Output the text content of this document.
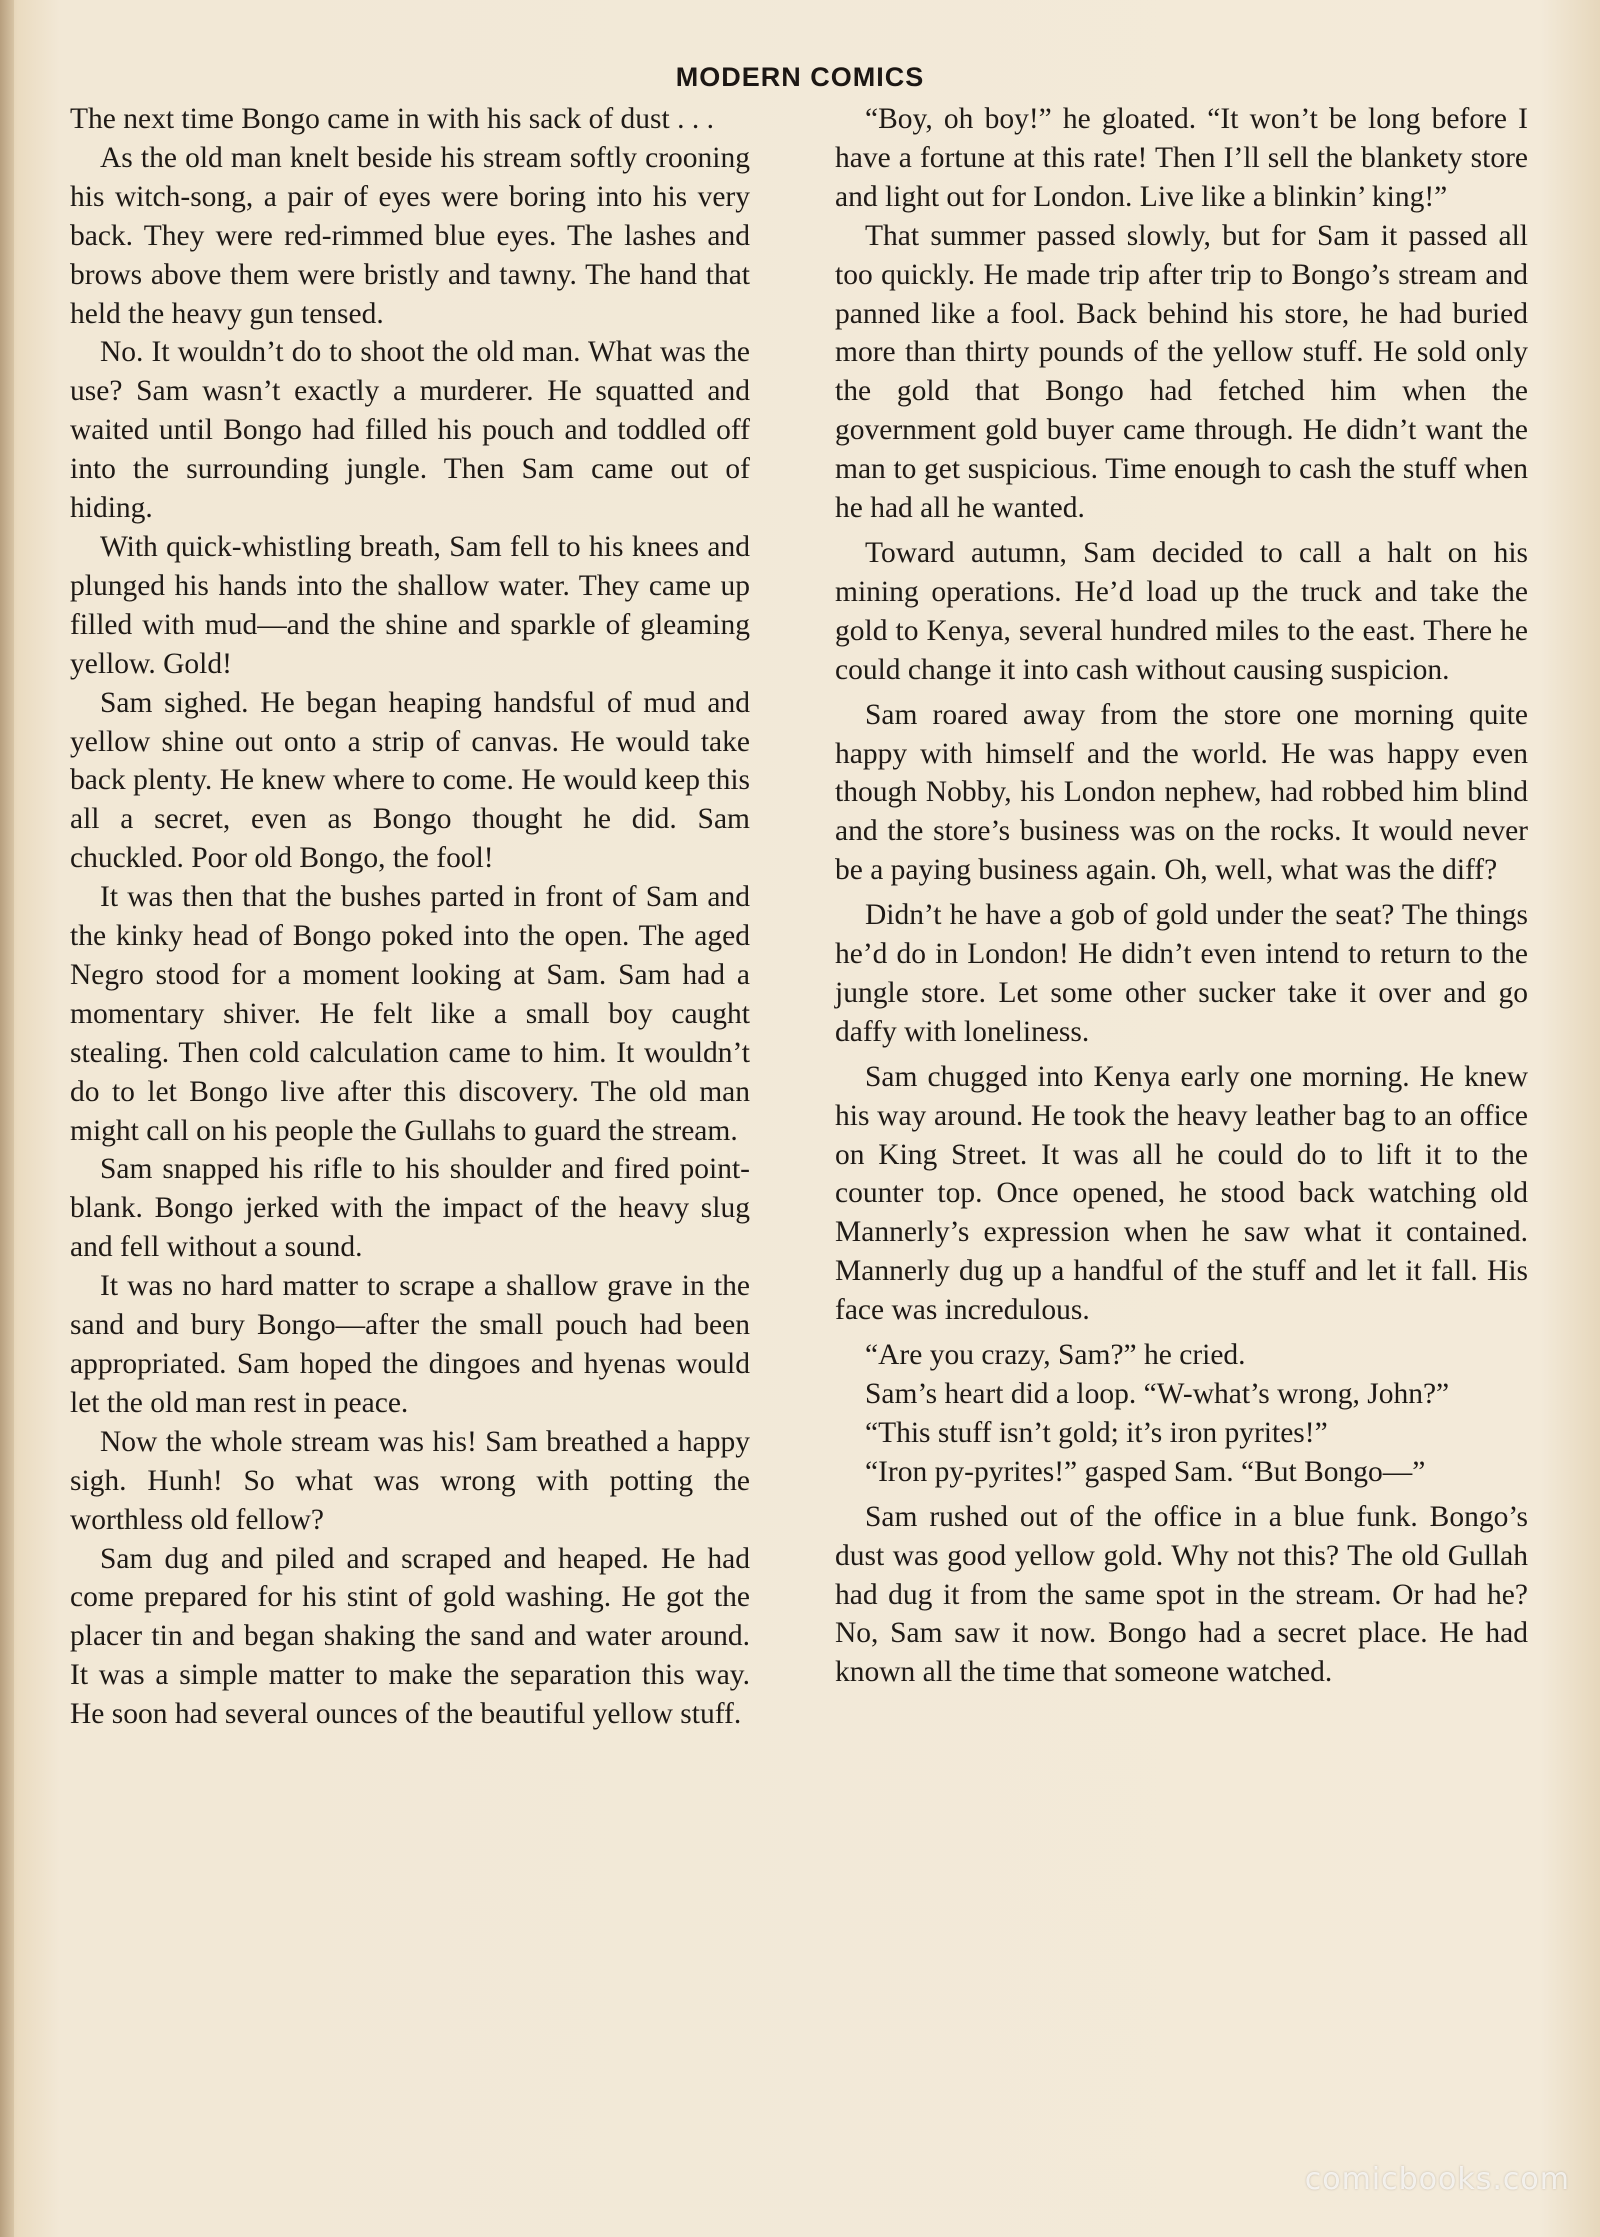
MODERN COMICS

The next time Bongo came in with his sack of dust . . .

As the old man knelt beside his stream softly crooning his witch-song, a pair of eyes were boring into his very back. They were red-rimmed blue eyes. The lashes and brows above them were bristly and tawny. The hand that held the heavy gun tensed.

No. It wouldn’t do to shoot the old man. What was the use? Sam wasn’t exactly a murderer. He squatted and waited until Bongo had filled his pouch and toddled off into the surrounding jungle. Then Sam came out of hiding.

With quick-whistling breath, Sam fell to his knees and plunged his hands into the shallow water. They came up filled with mud—and the shine and sparkle of gleaming yellow. Gold!

Sam sighed. He began heaping handsful of mud and yellow shine out onto a strip of canvas. He would take back plenty. He knew where to come. He would keep this all a secret, even as Bongo thought he did. Sam chuckled. Poor old Bongo, the fool!

It was then that the bushes parted in front of Sam and the kinky head of Bongo poked into the open. The aged Negro stood for a moment looking at Sam. Sam had a momentary shiver. He felt like a small boy caught stealing. Then cold calculation came to him. It wouldn’t do to let Bongo live after this discovery. The old man might call on his people the Gullahs to guard the stream.

Sam snapped his rifle to his shoulder and fired point-blank. Bongo jerked with the impact of the heavy slug and fell without a sound.

It was no hard matter to scrape a shallow grave in the sand and bury Bongo—after the small pouch had been appropriated. Sam hoped the dingoes and hyenas would let the old man rest in peace.

Now the whole stream was his! Sam breathed a happy sigh. Hunh! So what was wrong with potting the worthless old fellow?

Sam dug and piled and scraped and heaped. He had come prepared for his stint of gold washing. He got the placer tin and began shaking the sand and water around. It was a simple matter to make the separation this way. He soon had several ounces of the beautiful yellow stuff.

“Boy, oh boy!” he gloated. “It won’t be long before I have a fortune at this rate! Then I’ll sell the blankety store and light out for London. Live like a blinkin’ king!”

That summer passed slowly, but for Sam it passed all too quickly. He made trip after trip to Bongo’s stream and panned like a fool. Back behind his store, he had buried more than thirty pounds of the yellow stuff. He sold only the gold that Bongo had fetched him when the government gold buyer came through. He didn’t want the man to get suspicious. Time enough to cash the stuff when he had all he wanted.

Toward autumn, Sam decided to call a halt on his mining operations. He’d load up the truck and take the gold to Kenya, several hundred miles to the east. There he could change it into cash without causing suspicion.

Sam roared away from the store one morning quite happy with himself and the world. He was happy even though Nobby, his London nephew, had robbed him blind and the store’s business was on the rocks. It would never be a paying business again. Oh, well, what was the diff?

Didn’t he have a gob of gold under the seat? The things he’d do in London! He didn’t even intend to return to the jungle store. Let some other sucker take it over and go daffy with loneliness.

Sam chugged into Kenya early one morning. He knew his way around. He took the heavy leather bag to an office on King Street. It was all he could do to lift it to the counter top. Once opened, he stood back watching old Mannerly’s expression when he saw what it contained. Mannerly dug up a handful of the stuff and let it fall. His face was incredulous.

“Are you crazy, Sam?” he cried.

Sam’s heart did a loop. “W-what’s wrong, John?”

“This stuff isn’t gold; it’s iron pyrites!”

“Iron py-pyrites!” gasped Sam. “But Bongo—”

Sam rushed out of the office in a blue funk. Bongo’s dust was good yellow gold. Why not this? The old Gullah had dug it from the same spot in the stream. Or had he? No, Sam saw it now. Bongo had a secret place. He had known all the time that someone watched.

comicbooks.com
